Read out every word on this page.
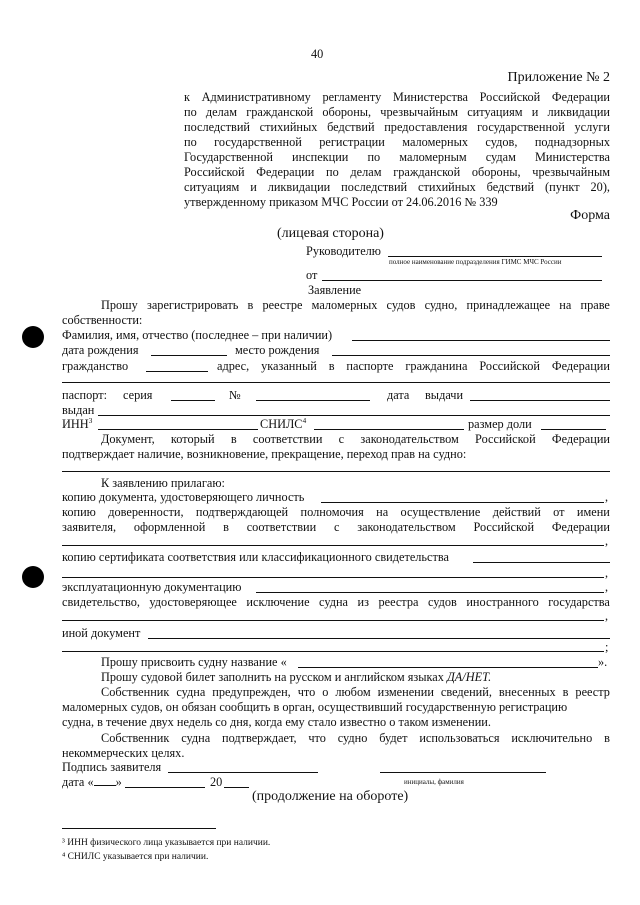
40
Приложение № 2
к Административному регламенту Министерства Российской Федерации
по делам гражданской обороны, чрезвычайным ситуациям и ликвидации
последствий стихийных бедствий предоставления государственной услуги
по государственной регистрации маломерных судов, поднадзорных
Государственной инспекции по маломерным судам Министерства
Российской Федерации по делам гражданской обороны, чрезвычайным
ситуациям и ликвидации последствий стихийных бедствий (пункт 20),
утвержденному приказом МЧС России от 24.06.2016 № 339
Форма
(лицевая сторона)
Руководителю
полное наименование подразделения ГИМС МЧС России
от
Заявление
Прошу зарегистрировать в реестре маломерных судов судно, принадлежащее на праве
собственности:
Фамилия, имя, отчество (последнее – при наличии)
дата рождения	место рождения
гражданство	адрес, указанный в паспорте гражданина Российской Федерации
паспорт: серия	№	дата выдачи
выдан
ИНН$^3$	СНИЛС$^4$	размер доли
Документ, который в соответствии с законодательством Российской Федерации
подтверждает наличие, возникновение, прекращение, переход прав на судно:
К заявлению прилагаю:
копию документа, удостоверяющего личность	,
копию доверенности, подтверждающей полномочия на осуществление действий от имени
заявителя, оформленной в соответствии с законодательством Российской Федерации
,
копию сертификата соответствия или классификационного свидетельства
,
эксплуатационную документацию	,
свидетельство, удостоверяющее исключение судна из реестра судов иностранного государства
,
иной документ
;
Прошу присвоить судну название «	».
Прошу судовой билет заполнить на русском и английском языках ДА/НЕТ.
Собственник судна предупрежден, что о любом изменении сведений, внесенных в реестр
маломерных судов, он обязан сообщить в орган, осуществивший государственную регистрацию
судна, в течение двух недель со дня, когда ему стало известно о таком изменении.
Собственник судна подтверждает, что судно будет использоваться исключительно в
некоммерческих целях.
Подпись заявителя
дата « »	20	инициалы, фамилия
(продолжение на обороте)
³ ИНН физического лица указывается при наличии.
⁴ СНИЛС указывается при наличии.
